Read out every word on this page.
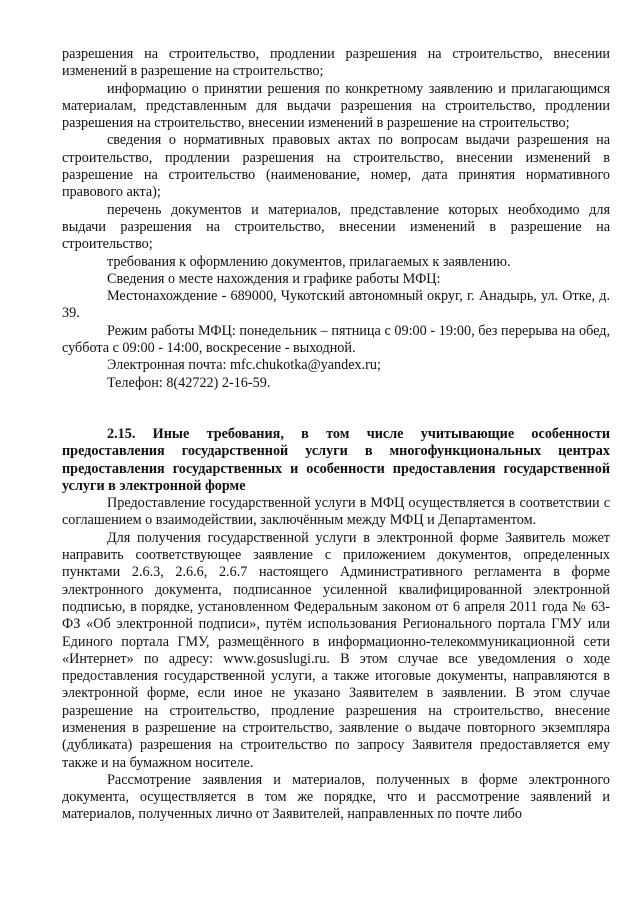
разрешения на строительство, продлении разрешения на строительство, внесении изменений в разрешение на строительство;

информацию о принятии решения по конкретному заявлению и прилагающимся материалам, представленным для выдачи разрешения на строительство, продлении разрешения на строительство, внесении изменений в разрешение на строительство;

сведения о нормативных правовых актах по вопросам выдачи разрешения на строительство, продлении разрешения на строительство, внесении изменений в разрешение на строительство (наименование, номер, дата принятия нормативного правового акта);

перечень документов и материалов, представление которых необходимо для выдачи разрешения на строительство, внесении изменений в разрешение на строительство;

требования к оформлению документов, прилагаемых к заявлению.

Сведения о месте нахождения и графике работы МФЦ:

Местонахождение - 689000, Чукотский автономный округ, г. Анадырь, ул. Отке, д. 39.

Режим работы МФЦ: понедельник – пятница с 09:00 - 19:00, без перерыва на обед, суббота с 09:00 - 14:00, воскресение - выходной.

Электронная почта: mfc.chukotka@yandex.ru;

Телефон: 8(42722) 2-16-59.

2.15. Иные требования, в том числе учитывающие особенности предоставления государственной услуги в многофункциональных центрах предоставления государственных и особенности предоставления государственной услуги в электронной форме

Предоставление государственной услуги в МФЦ осуществляется в соответствии с соглашением о взаимодействии, заключённым между МФЦ и Департаментом.

Для получения государственной услуги в электронной форме Заявитель может направить соответствующее заявление с приложением документов, определенных пунктами 2.6.3, 2.6.6, 2.6.7 настоящего Административного регламента в форме электронного документа, подписанное усиленной квалифицированной электронной подписью, в порядке, установленном Федеральным законом от 6 апреля 2011 года № 63-ФЗ «Об электронной подписи», путём использования Регионального портала ГМУ или Единого портала ГМУ, размещённого в информационно-телекоммуникационной сети «Интернет» по адресу: www.gosuslugi.ru. В этом случае все уведомления о ходе предоставления государственной услуги, а также итоговые документы, направляются в электронной форме, если иное не указано Заявителем в заявлении. В этом случае разрешение на строительство, продление разрешения на строительство, внесение изменения в разрешение на строительство, заявление о выдаче повторного экземпляра (дубликата) разрешения на строительство по запросу Заявителя предоставляется ему также и на бумажном носителе.

Рассмотрение заявления и материалов, полученных в форме электронного документа, осуществляется в том же порядке, что и рассмотрение заявлений и материалов, полученных лично от Заявителей, направленных по почте либо
